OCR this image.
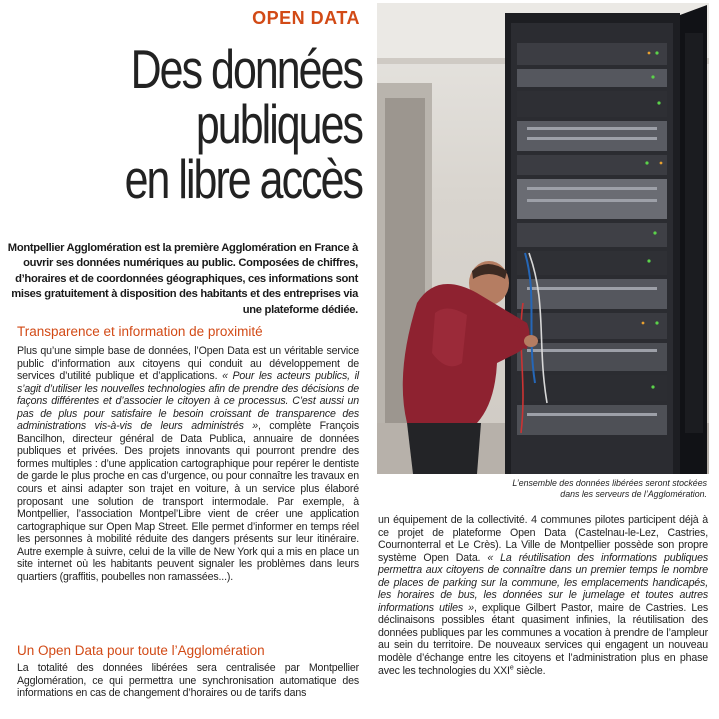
OPEN DATA
Des données
publiques
en libre accès
Montpellier Agglomération est la première Agglomération en France à ouvrir ses données numériques au public. Composées de chiffres, d’horaires et de coordonnées géographiques, ces informations sont mises gratuitement à disposition des habitants et des entreprises via une plateforme dédiée.
Transparence et information de proximité
Plus qu’une simple base de données, l’Open Data est un véritable service public d’information aux citoyens qui conduit au développement de services d’utilité publique et d’applications. « Pour les acteurs publics, il s’agit d’utiliser les nouvelles technologies afin de prendre des décisions de façons différentes et d’associer le citoyen à ce processus. C’est aussi un pas de plus pour satisfaire le besoin croissant de transparence des administrations vis-à-vis de leurs administrés », complète François Bancilhon, directeur général de Data Publica, annuaire de données publiques et privées. Des projets innovants qui pourront prendre des formes multiples : d’une application cartographique pour repérer le dentiste de garde le plus proche en cas d’urgence, ou pour connaître les travaux en cours et ainsi adapter son trajet en voiture, à un service plus élaboré proposant une solution de transport intermodale. Par exemple, à Montpellier, l’association Montpel’Libre vient de créer une application cartographique sur Open Map Street. Elle permet d’informer en temps réel les personnes à mobilité réduite des dangers présents sur leur itinéraire. Autre exemple à suivre, celui de la ville de New York qui a mis en place un site internet où les habitants peuvent signaler les problèmes dans leurs quartiers (graffitis, poubelles non ramassées...).
Un Open Data pour toute l’Agglomération
La totalité des données libérées sera centralisée par Montpellier Agglomération, ce qui permettra une synchronisation automatique des informations en cas de changement d’horaires ou de tarifs dans
L’ensemble des données libérées seront stockées
dans les serveurs de l’Agglomération.
un équipement de la collectivité. 4 communes pilotes participent déjà à ce projet de plateforme Open Data (Castelnau-le-Lez, Castries, Cournonterral et Le Crès). La Ville de Montpellier possède son propre système Open Data. « La réutilisation des informations publiques permettra aux citoyens de connaître dans un premier temps le nombre de places de parking sur la commune, les emplacements handicapés, les horaires de bus, les données sur le jumelage et toutes autres informations utiles », explique Gilbert Pastor, maire de Castries. Les déclinaisons possibles étant quasiment infinies, la réutilisation des données publiques par les communes a vocation à prendre de l’ampleur au sein du territoire. De nouveaux services qui engagent un nouveau modèle d’échange entre les citoyens et l’administration plus en phase avec les technologies du XXIe siècle.
